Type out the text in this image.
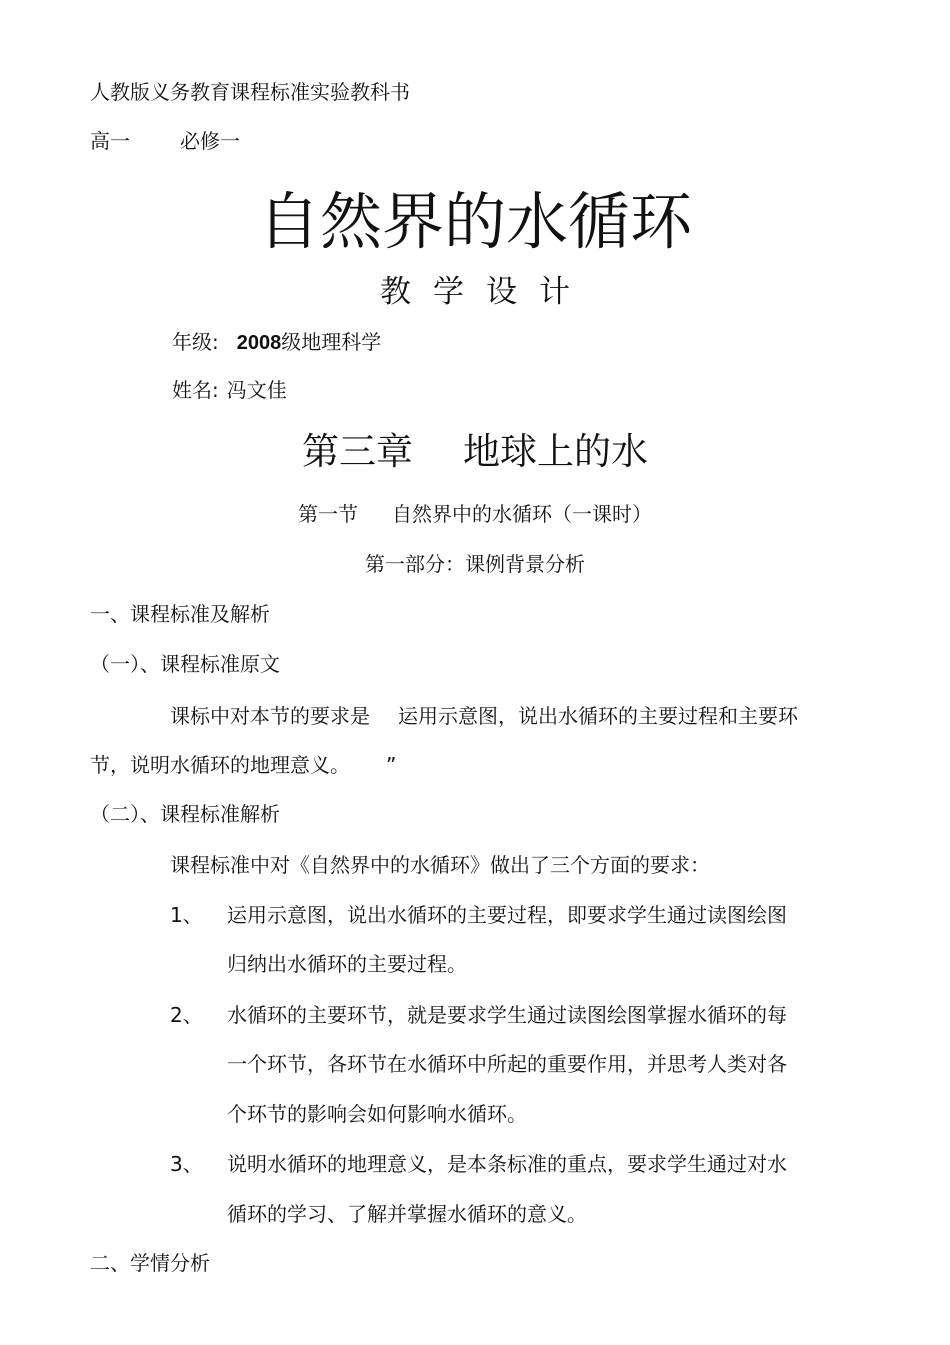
人教版义务教育课程标准实验教科书
高一	必修一
自然界的水循环
教学设计
年级: 2008级地理科学
姓名: 冯文佳
第三章 地球上的水
第一节 自然界中的水循环（一课时）
第一部分：课例背景分析
一、课程标准及解析
（一）、课程标准原文
课标中对本节的要求是 运用示意图，说出水循环的主要过程和主要环
节，说明水循环的地理意义。 ”
（二）、课程标准解析
课程标准中对《自然界中的水循环》做出了三个方面的要求：
1、 运用示意图，说出水循环的主要过程，即要求学生通过读图绘图
归纳出水循环的主要过程。
2、 水循环的主要环节，就是要求学生通过读图绘图掌握水循环的每
一个环节，各环节在水循环中所起的重要作用，并思考人类对各
个环节的影响会如何影响水循环。
3、 说明水循环的地理意义，是本条标准的重点，要求学生通过对水
循环的学习、了解并掌握水循环的意义。
二、学情分析
